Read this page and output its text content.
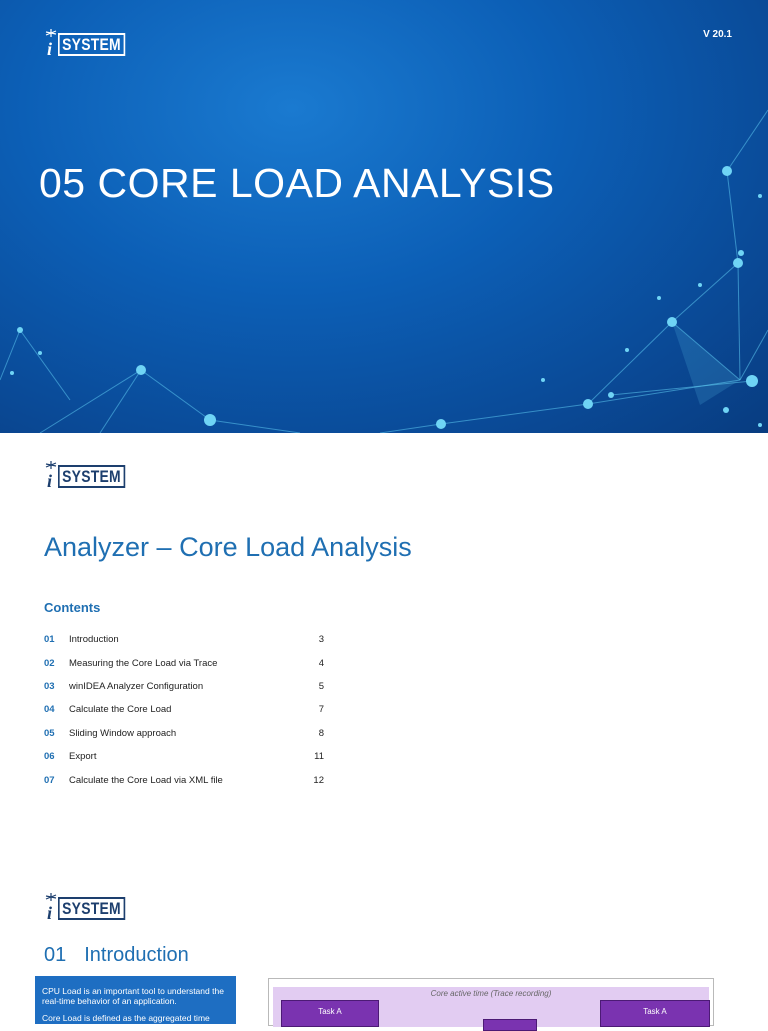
i SYSTEM
V 20.1
05 CORE LOAD ANALYSIS
i SYSTEM
Analyzer – Core Load Analysis
Contents
01	Introduction	3
02	Measuring the Core Load via Trace	4
03	winIDEA Analyzer Configuration	5
04	Calculate the Core Load	7
05	Sliding Window approach	8
06	Export	11
07	Calculate the Core Load via XML file	12
i SYSTEM
01 Introduction

CPU Load is an important tool to understand the real-time behavior of an application.

Core Load is defined as the aggregated time

Core active time (Trace recording)
Task A	Task A
